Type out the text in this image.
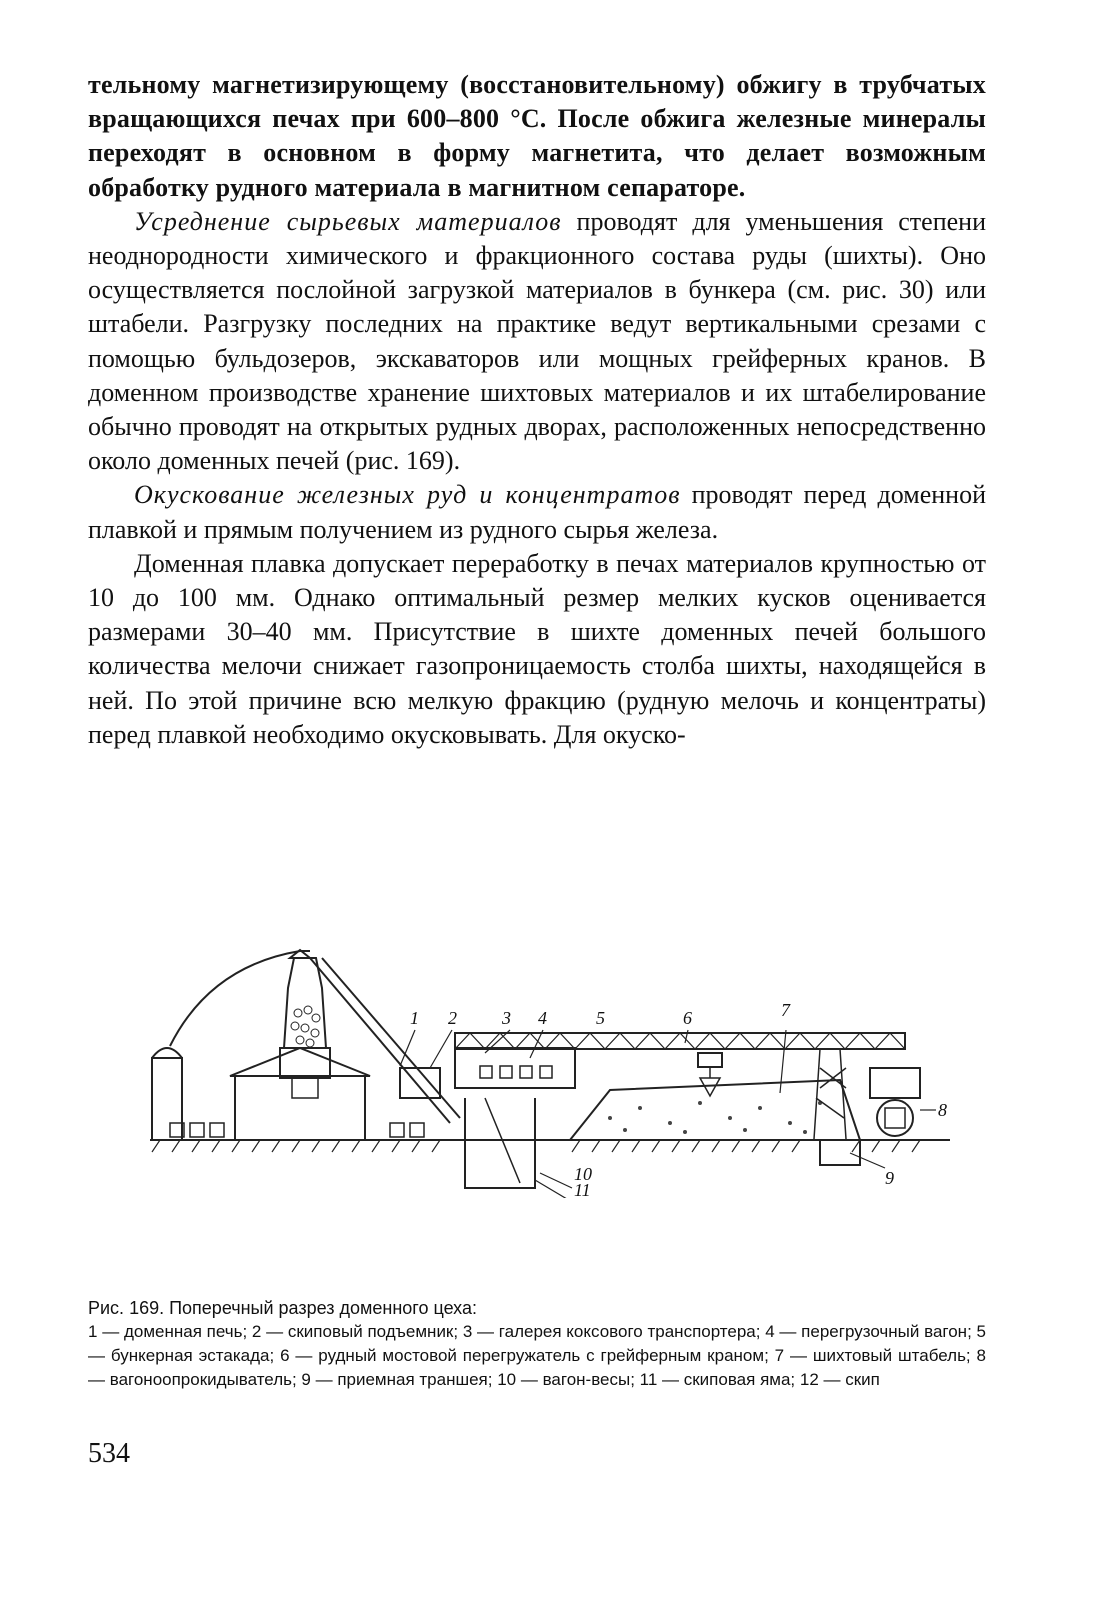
тельному магнетизирующему (восстановительному) обжигу в трубчатых вращающихся печах при 600–800 °С. После обжига железные минералы переходят в основном в форму магнетита, что делает возможным обработку рудного материала в магнитном сепараторе.

Усреднение сырьевых материалов проводят для уменьшения степени неоднородности химического и фракционного состава руды (шихты). Оно осуществляется послойной загрузкой материалов в бункера (см. рис. 30) или штабели. Разгрузку последних на практике ведут вертикальными срезами с помощью бульдозеров, экскаваторов или мощных грейферных кранов. В доменном производстве хранение шихтовых материалов и их штабелирование обычно проводят на открытых рудных дворах, расположенных непосредственно около доменных печей (рис. 169).

Окускование железных руд и концентратов проводят перед доменной плавкой и прямым получением из рудного сырья железа.

Доменная плавка допускает переработку в печах материалов крупностью от 10 до 100 мм. Однако оптимальный резмер мелких кусков оценивается размерами 30–40 мм. Присутствие в шихте доменных печей большого количества мелочи снижает газопроницаемость столба шихты, находящейся в ней. По этой причине всю мелкую фракцию (рудную мелочь и концентраты) перед плавкой необходимо окусковывать. Для окуско-

1 2	3 4	5	6	7
8
9
10
11

Рис. 169. Поперечный разрез доменного цеха:

1 — доменная печь; 2 — скиповый подъемник; 3 — галерея коксового транспортера; 4 — перегрузочный вагон; 5 — бункерная эстакада; 6 — рудный мостовой перегружатель с грейферным краном; 7 — шихтовый штабель; 8 — вагоноопрокидыватель; 9 — приемная траншея; 10 — вагон-весы; 11 — скиповая яма; 12 — скип

534
